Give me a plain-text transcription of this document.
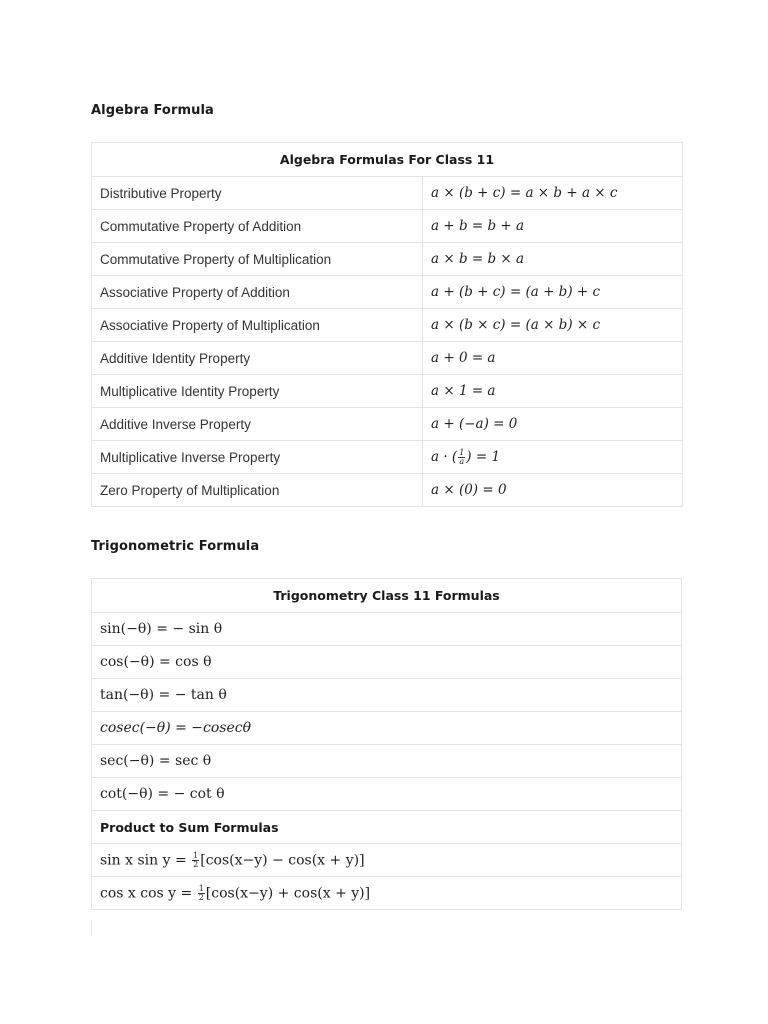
Algebra Formula
Algebra Formulas For Class 11	
Distributive Property	a × (b + c) = a × b + a × c
Commutative Property of Addition	a + b = b + a
Commutative Property of Multiplication	a × b = b × a
Associative Property of Addition	a + (b + c) = (a + b) + c
Associative Property of Multiplication	a × (b × c) = (a × b) × c
Additive Identity Property	a + 0 = a
Multiplicative Identity Property	a × 1 = a
Additive Inverse Property	a + (−a) = 0
Multiplicative Inverse Property	a · ( $\frac{1}{a}$ ) = 1
Zero Property of Multiplication	a × (0) = 0
Trigonometric Formula
Trigonometry Class 11 Formulas
sin(−θ) = − sin θ
cos(−θ) = cos θ
tan(−θ) = − tan θ
cosec(−θ) = −cosecθ
sec(−θ) = sec θ
cot(−θ) = − cot θ
Product to Sum Formulas
sin x $\sin y = \frac{1}{2} [\cos(x-y) - \cos(x + y)]$
cos x $\cos y = \frac{1}{2} [\cos(x-y) + \cos(x + y)]$
